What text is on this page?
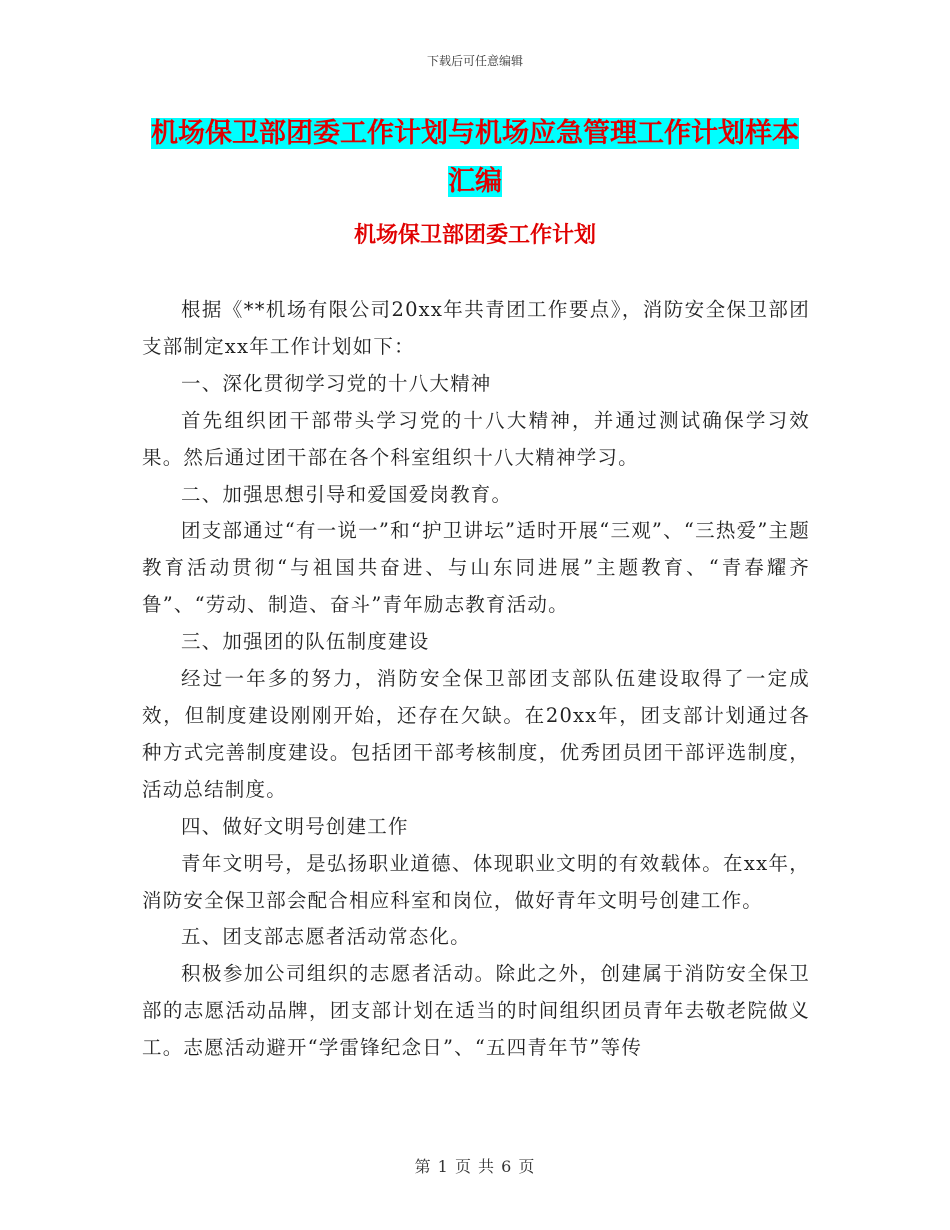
下载后可任意编辑
机场保卫部团委工作计划与机场应急管理工作计划样本汇编
机场保卫部团委工作计划

根据《**机场有限公司20xx年共青团工作要点》，消防安全保卫部团支部制定xx年工作计划如下：

一、深化贯彻学习党的十八大精神

首先组织团干部带头学习党的十八大精神，并通过测试确保学习效果。然后通过团干部在各个科室组织十八大精神学习。

二、加强思想引导和爱国爱岗教育。

团支部通过“有一说一”和“护卫讲坛”适时开展“三观”、“三热爱”主题教育活动贯彻“与祖国共奋进、与山东同进展”主题教育、“青春耀齐鲁”、“劳动、制造、奋斗”青年励志教育活动。

三、加强团的队伍制度建设

经过一年多的努力，消防安全保卫部团支部队伍建设取得了一定成效，但制度建设刚刚开始，还存在欠缺。在20xx年，团支部计划通过各种方式完善制度建设。包括团干部考核制度，优秀团员团干部评选制度，活动总结制度。

四、做好文明号创建工作

青年文明号，是弘扬职业道德、体现职业文明的有效载体。在xx年，消防安全保卫部会配合相应科室和岗位，做好青年文明号创建工作。

五、团支部志愿者活动常态化。

积极参加公司组织的志愿者活动。除此之外，创建属于消防安全保卫部的志愿活动品牌，团支部计划在适当的时间组织团员青年去敬老院做义工。志愿活动避开“学雷锋纪念日”、“五四青年节”等传

第 1 页 共 6 页
